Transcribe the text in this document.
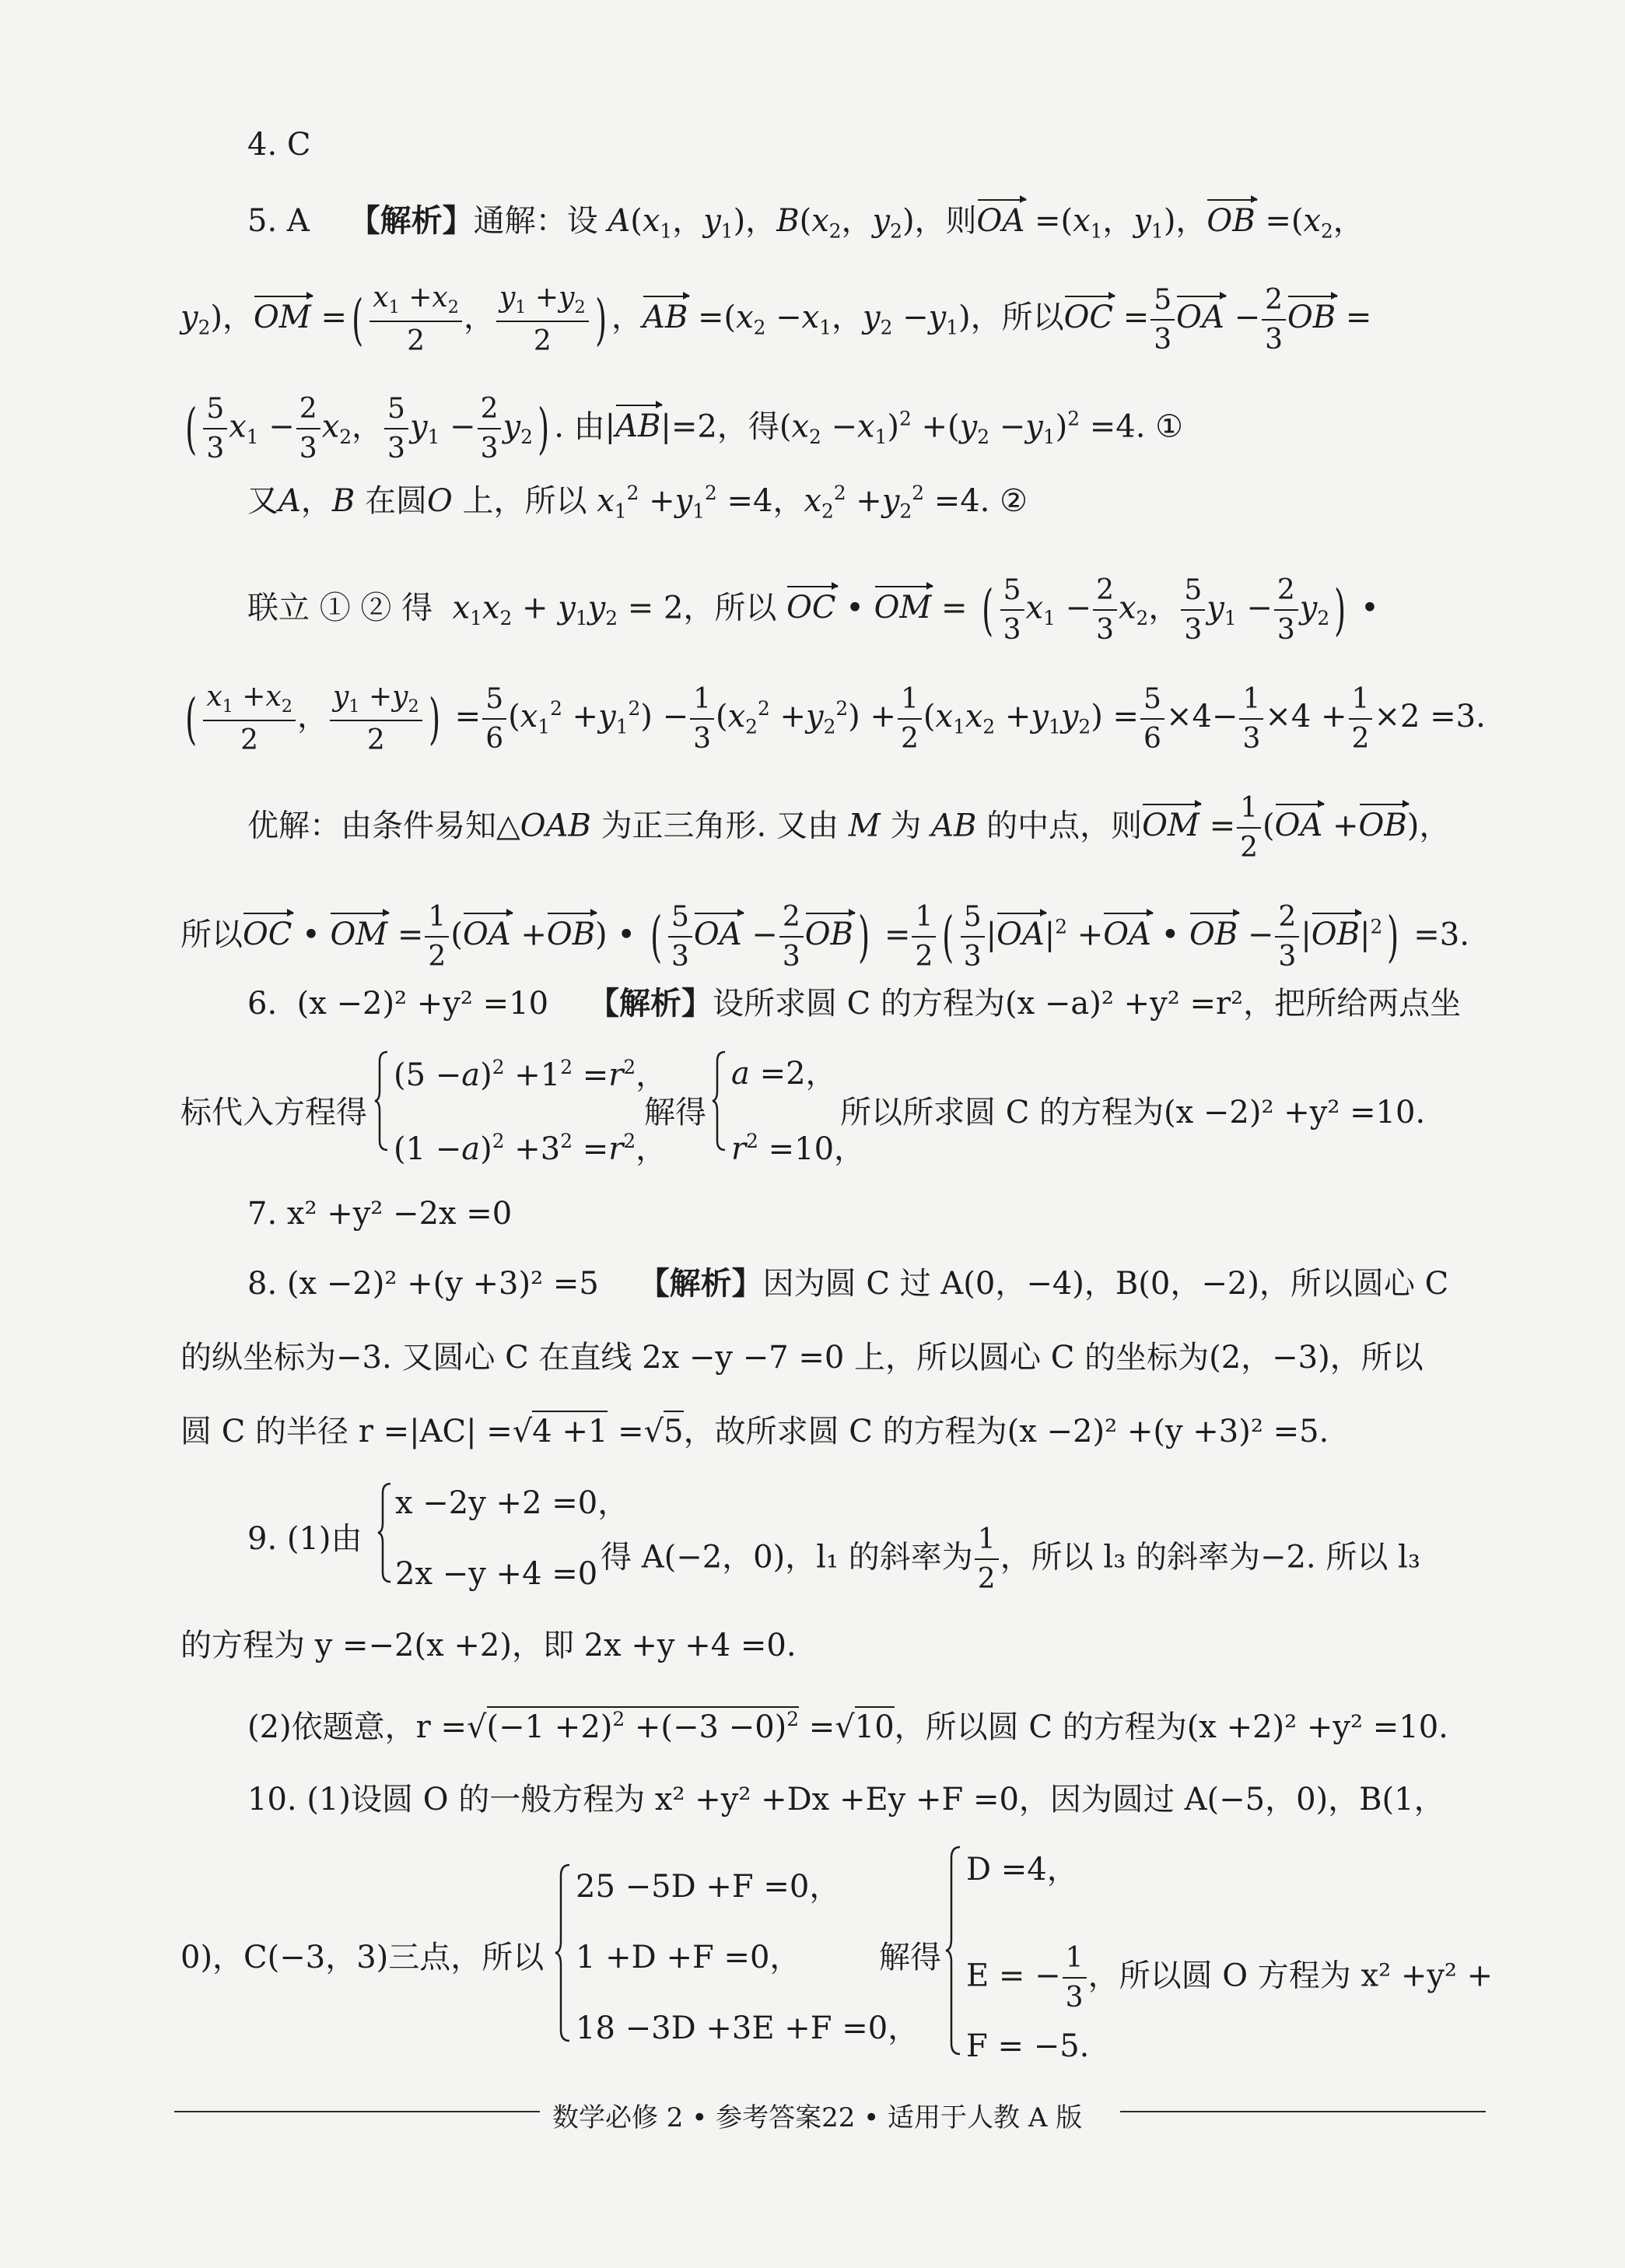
4. C
5. A 【解析】通解：设 $A(x_1$，$y_1$)，$B(x_2$，$y_2$)，则OA $=(x_1$，$y_1$)，OB $=(x_2$，
$y_2$)，OM =( $\frac{x_1 +x_2}{2}$ ， $\frac{y_1 +y_2}{2}$ ) ，AB $=(x_2 -x_1$，$y_2 -y_1$)，所以OC = $\frac{5}{3}$ OA − $\frac{2}{3}$ OB =
( $\frac{5}{3} x_1 - \frac{2}{3} x_2$， $\frac{5}{3} y_1 - \frac{2}{3} y_2$) . 由|AB|=2，得$(x_2 -x_1)^2 +(y_2 -y_1)^2 =4$. ①
又A，B 在圆O 上，所以 $x_1^2 +y_1^2 =4$，$x_2^2 +y_2^2 =4$. ②
联立 ① ② 得 $x_1x_2 + y_1y_2 = 2$，所以 OC • OM = ( $\frac{5}{3} x_1 - \frac{2}{3} x_2$， $\frac{5}{3} y_1 - \frac{2}{3} y_2$) •
( $\frac{x_1 +x_2}{2}$ ， $\frac{y_1 +y_2}{2}$ ) = $\frac{5}{6} (x_1^2 +y_1^2) - \frac{1}{3} (x_2^2 +y_2^2) + \frac{1}{2} (x_1x_2 +y_1y_2) = \frac{5}{6} \times 4- \frac{1}{3} \times 4 + \frac{1}{2} \times 2 =3$.
优解：由条件易知△OAB 为正三角形. 又由 M 为 AB 的中点，则OM = $\frac{1}{2} (OA +OB)$，
所以OC • OM = $\frac{1}{2} (OA +OB)$ • ( $\frac{5}{3}$ OA − $\frac{2}{3} OB) = \frac{1}{2}$ ( $\frac{5}{3} |OA|^2 +OA$ • OB − $\frac{2}{3} |OB|^2) =3$.
6. (x −2)² +y² =10 【解析】设所求圆 C 的方程为(x −a)² +y² =r²，把所给两点坐
标代入方程得
$(5 -a)^2 +1^2 =r^2$，
$(1 -a)^2 +3^2 =r^2$，
解得
a =2，
$r^2 =10$，
所以所求圆 C 的方程为(x −2)² +y² =10.
7. x² +y² −2x =0
8. (x −2)² +(y +3)² =5 【解析】因为圆 C 过 A(0，−4)，B(0，−2)，所以圆心 C
的纵坐标为−3. 又圆心 C 在直线 2x −y −7 =0 上，所以圆心 C 的坐标为(2，−3)，所以
圆 C 的半径 r =|AC| =√4 +1 =√5，故所求圆 C 的方程为(x −2)² +(y +3)² =5.
9. (1)由
x −2y +2 =0，
2x −y +4 =0 得 A(−2，0)，l₁ 的斜率为 $\frac{1}{2}$ ，所以 l₃ 的斜率为−2. 所以 l₃
的方程为 y =−2(x +2)，即 2x +y +4 =0.
(2)依题意，$r =√(-1 +2)^2 +(-3 -0)^2 =√10$，所以圆 C 的方程为(x +2)² +y² =10.
10. (1)设圆 O 的一般方程为 x² +y² +Dx +Ey +F =0，因为圆过 A(−5，0)，B(1，
0)，C(−3，3)三点，所以
25 −5D +F =0，
1 +D +F =0，
18 −3D +3E +F =0，
解得
D =4，
E = − $\frac{1}{3}$ ，所以圆 O 方程为 x² +y² +
F = −5.
数学必修 2 • 参考答案22 • 适用于人教 A 版
